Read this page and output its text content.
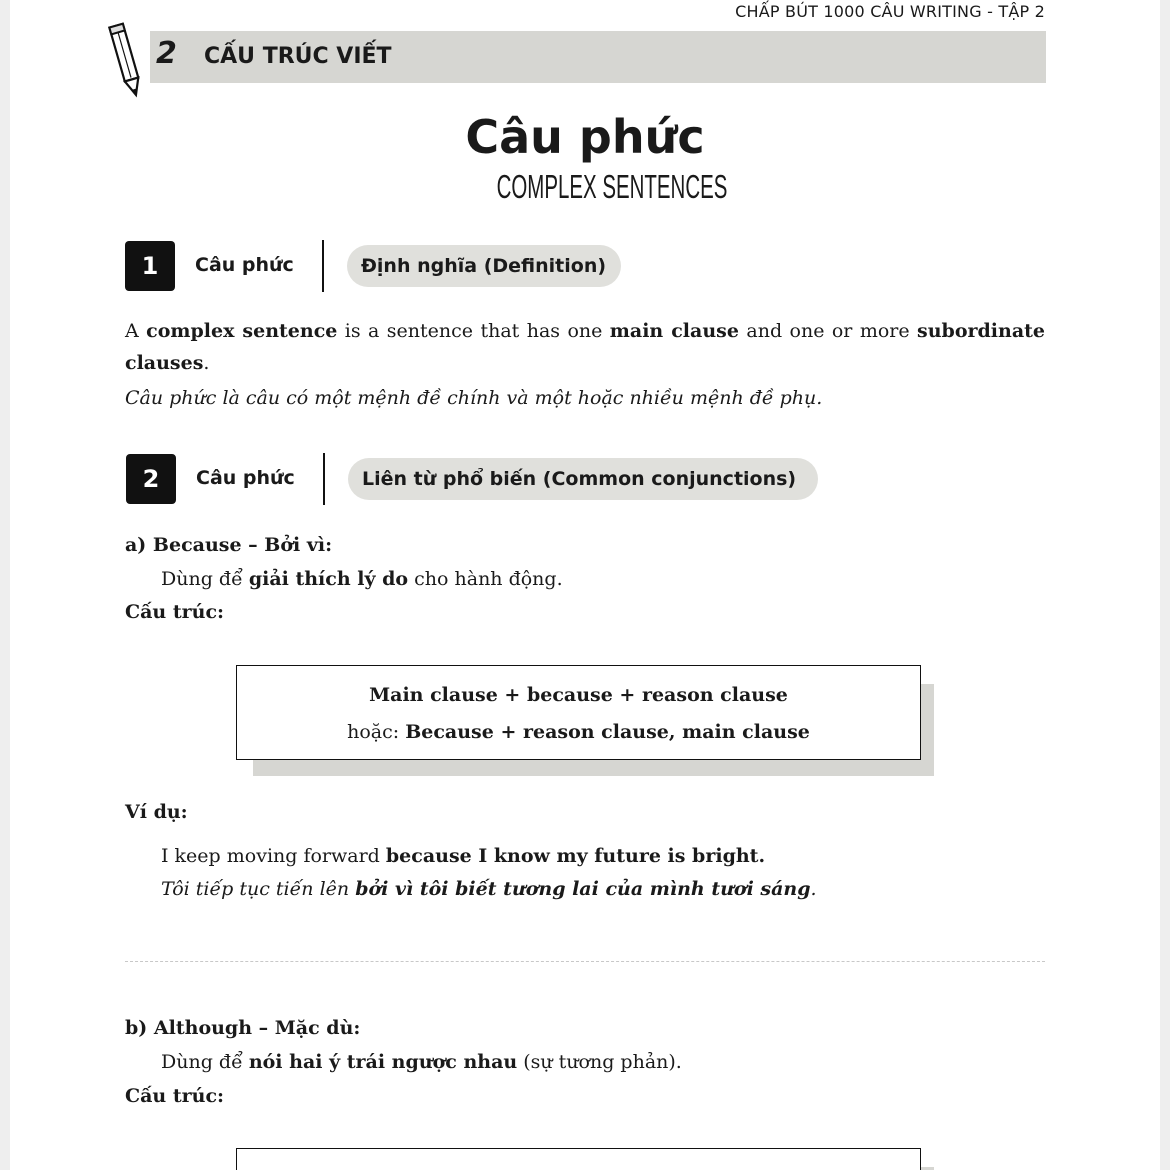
CHẤP BÚT 1000 CÂU WRITING - TẬP 2
2 CẤU TRÚC VIẾT
Câu phức
COMPLEX SENTENCES
1	Câu phức	Định nghĩa (Definition)
A complex sentence is a sentence that has one main clause and one or more subordinate clauses.
Câu phức là câu có một mệnh đề chính và một hoặc nhiều mệnh đề phụ.
2	Câu phức	Liên từ phổ biến (Common conjunctions)
a) Because – Bởi vì:
Dùng để giải thích lý do cho hành động.
Cấu trúc:
Main clause + because + reason clause
hoặc: Because + reason clause, main clause
Ví dụ:
I keep moving forward because I know my future is bright.
Tôi tiếp tục tiến lên bởi vì tôi biết tương lai của mình tươi sáng.
b) Although – Mặc dù:
Dùng để nói hai ý trái ngược nhau (sự tương phản).
Cấu trúc:
